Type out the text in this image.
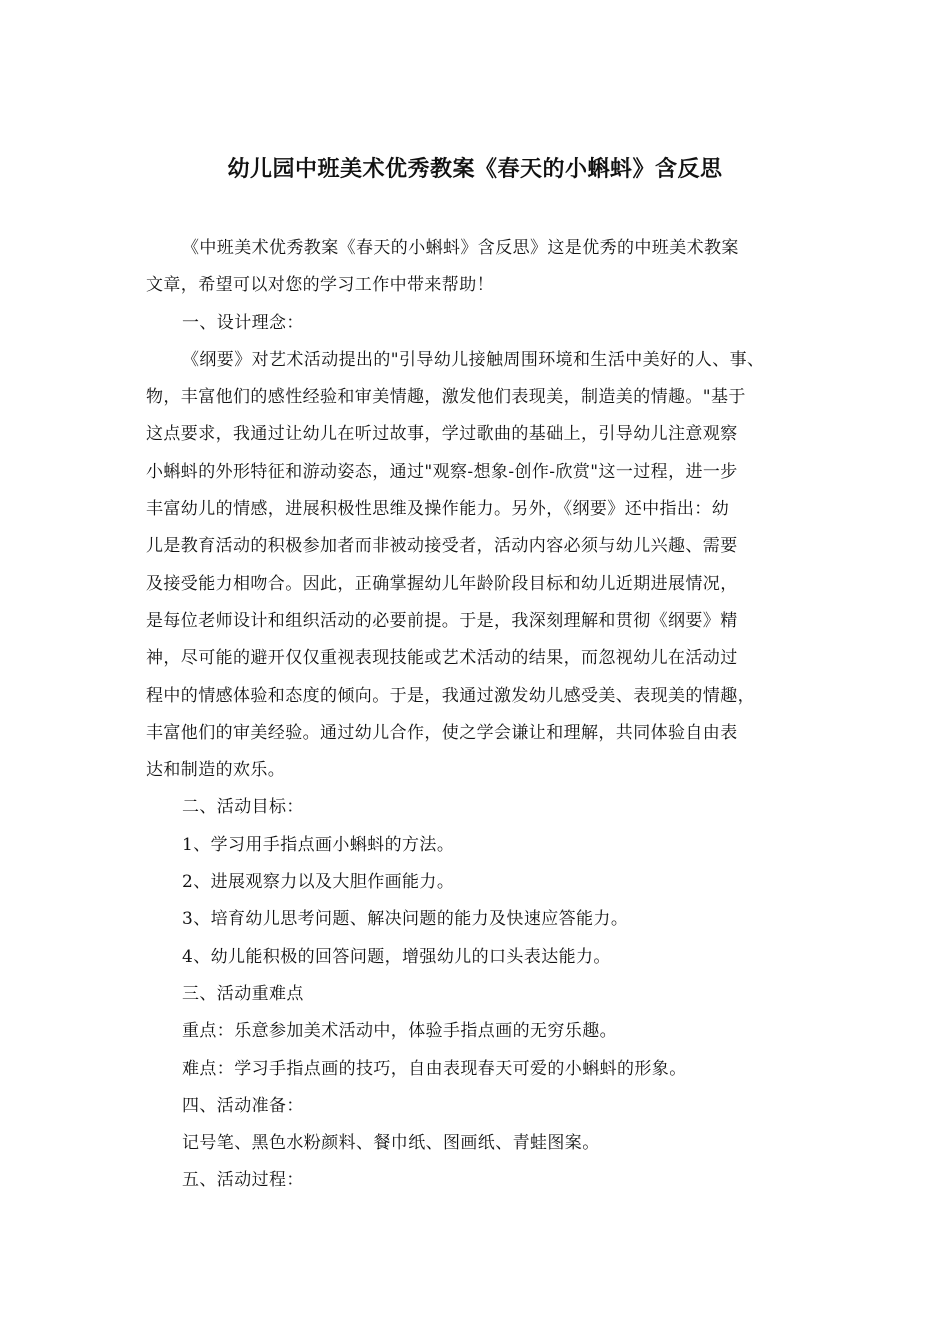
幼儿园中班美术优秀教案《春天的小蝌蚪》含反思
《中班美术优秀教案《春天的小蝌蚪》含反思》这是优秀的中班美术教案
文章，希望可以对您的学习工作中带来帮助！
一、设计理念：
《纲要》对艺术活动提出的"引导幼儿接触周围环境和生活中美好的人、事、
物，丰富他们的感性经验和审美情趣，激发他们表现美，制造美的情趣。"基于
这点要求，我通过让幼儿在听过故事，学过歌曲的基础上，引导幼儿注意观察
小蝌蚪的外形特征和游动姿态，通过"观察-想象-创作-欣赏"这一过程，进一步
丰富幼儿的情感，进展积极性思维及操作能力。另外，《纲要》还中指出：幼
儿是教育活动的积极参加者而非被动接受者，活动内容必须与幼儿兴趣、需要
及接受能力相吻合。因此，正确掌握幼儿年龄阶段目标和幼儿近期进展情况，
是每位老师设计和组织活动的必要前提。于是，我深刻理解和贯彻《纲要》精
神，尽可能的避开仅仅重视表现技能或艺术活动的结果，而忽视幼儿在活动过
程中的情感体验和态度的倾向。于是，我通过激发幼儿感受美、表现美的情趣，
丰富他们的审美经验。通过幼儿合作，使之学会谦让和理解，共同体验自由表
达和制造的欢乐。
二、活动目标：
1、学习用手指点画小蝌蚪的方法。
2、进展观察力以及大胆作画能力。
3、培育幼儿思考问题、解决问题的能力及快速应答能力。
4、幼儿能积极的回答问题，增强幼儿的口头表达能力。
三、活动重难点
重点：乐意参加美术活动中，体验手指点画的无穷乐趣。
难点：学习手指点画的技巧，自由表现春天可爱的小蝌蚪的形象。
四、活动准备：
记号笔、黑色水粉颜料、餐巾纸、图画纸、青蛙图案。
五、活动过程：
